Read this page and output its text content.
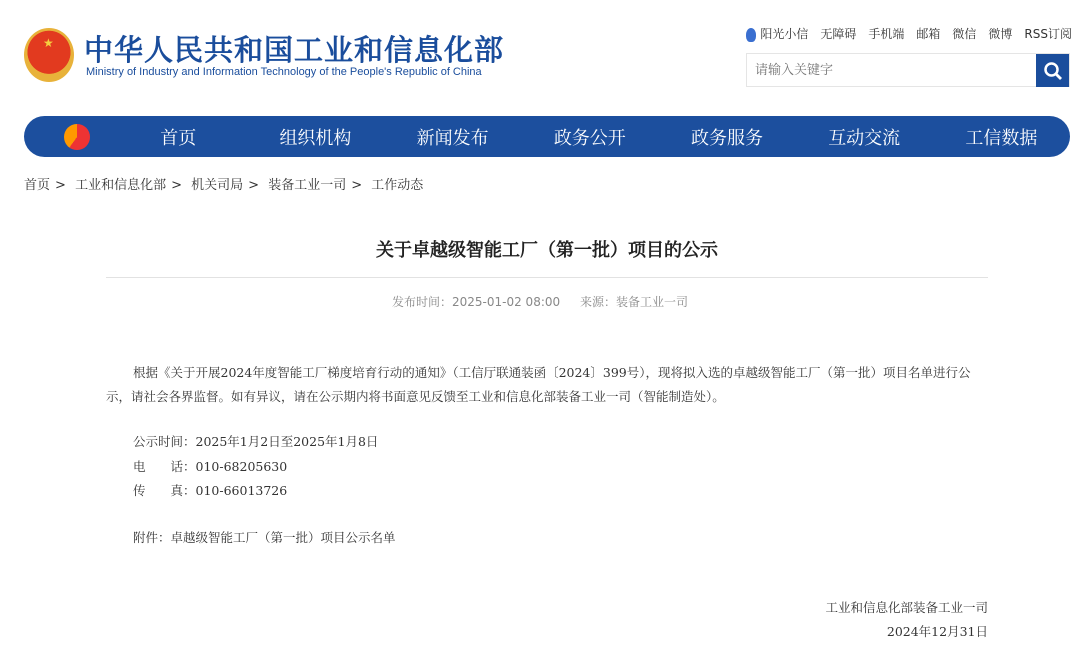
★ 中华人民共和国工业和信息化部
Ministry of Industry and Information Technology of the People's Republic of China
阳光小信 无障碍 手机端 邮箱 微信 微博 RSS订阅
请输入关键字
首页	组织机构	新闻发布	政务公开	政务服务	互动交流	工信数据
首页 > 工业和信息化部 > 机关司局 > 装备工业一司 > 工作动态
关于卓越级智能工厂（第一批）项目的公示
发布时间：2025-01-02 08:00 来源：装备工业一司

根据《关于开展2024年度智能工厂梯度培育行动的通知》（工信厅联通装函〔2024〕399号），现将拟入选的卓越级智能工厂（第一批）项目名单进行公示，请社会各界监督。如有异议，请在公示期内将书面意见反馈至工业和信息化部装备工业一司（智能制造处）。

公示时间：2025年1月2日至2025年1月8日
电　　话：010-68205630
传　　真：010-66013726
附件：卓越级智能工厂（第一批）项目公示名单
工业和信息化部装备工业一司
2024年12月31日
